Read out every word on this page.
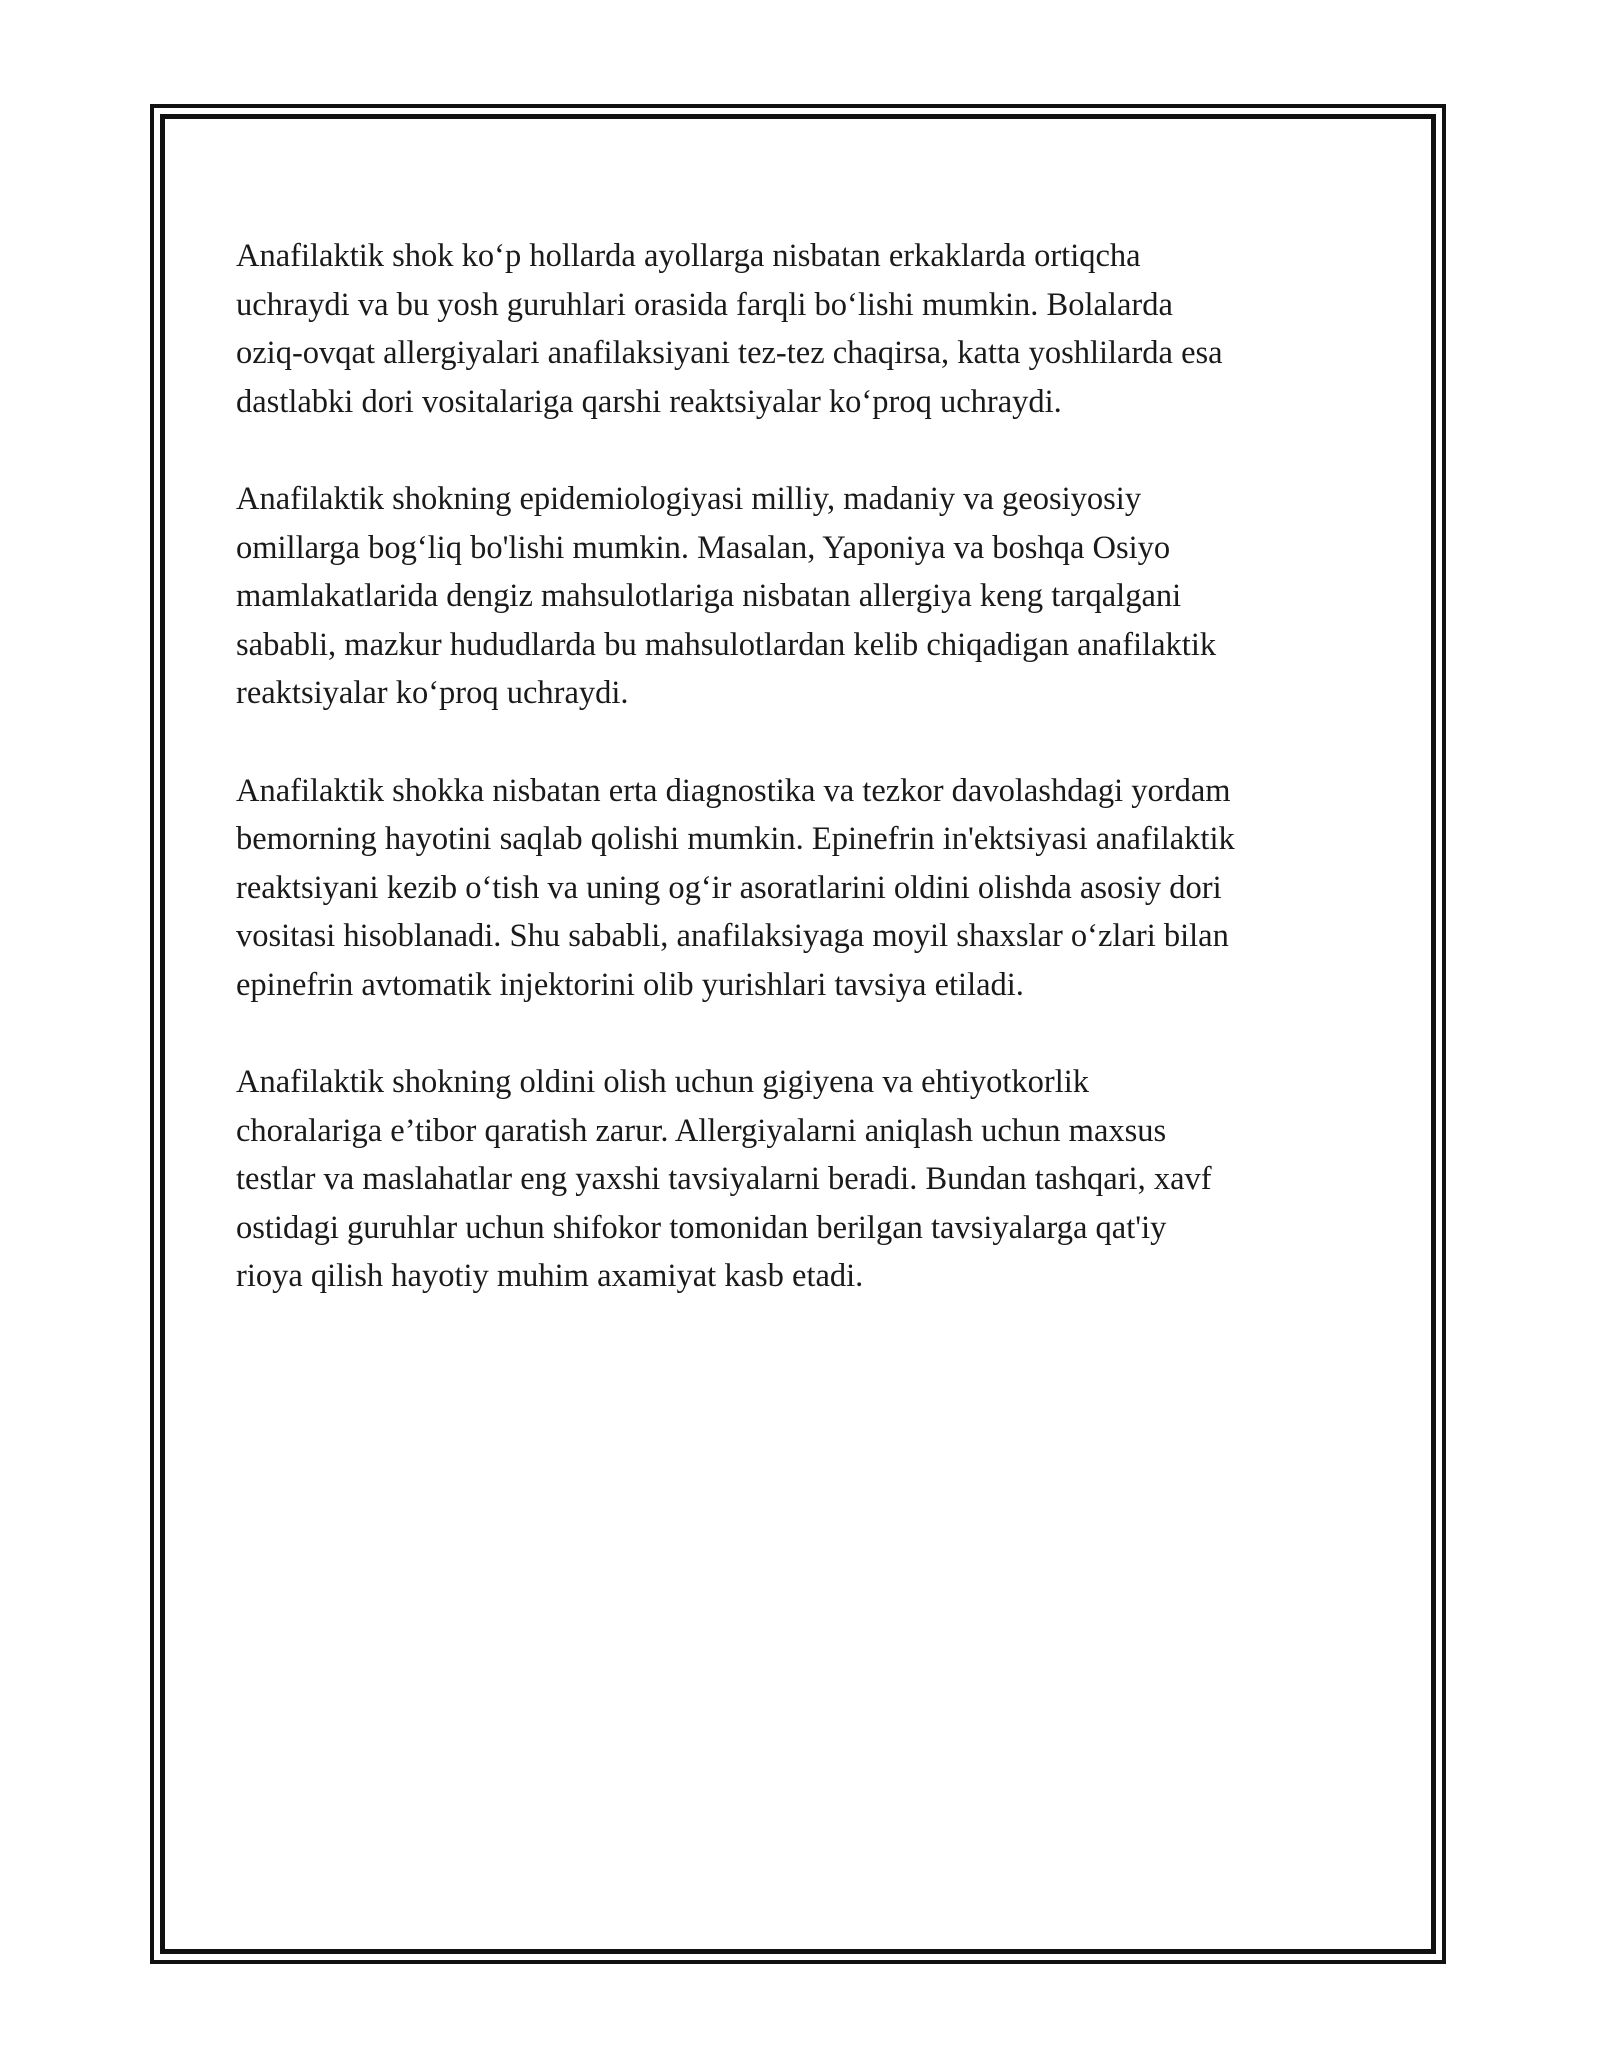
Anafilaktik shok ko‘p hollarda ayollarga nisbatan erkaklarda ortiqcha
uchraydi va bu yosh guruhlari orasida farqli bo‘lishi mumkin. Bolalarda
oziq-ovqat allergiyalari anafilaksiyani tez-tez chaqirsa, katta yoshlilarda esa
dastlabki dori vositalariga qarshi reaktsiyalar ko‘proq uchraydi.

Anafilaktik shokning epidemiologiyasi milliy, madaniy va geosiyosiy
omillarga bog‘liq bo'lishi mumkin. Masalan, Yaponiya va boshqa Osiyo
mamlakatlarida dengiz mahsulotlariga nisbatan allergiya keng tarqalgani
sababli, mazkur hududlarda bu mahsulotlardan kelib chiqadigan anafilaktik
reaktsiyalar ko‘proq uchraydi.

Anafilaktik shokka nisbatan erta diagnostika va tezkor davolashdagi yordam
bemorning hayotini saqlab qolishi mumkin. Epinefrin in'ektsiyasi anafilaktik
reaktsiyani kezib o‘tish va uning og‘ir asoratlarini oldini olishda asosiy dori
vositasi hisoblanadi. Shu sababli, anafilaksiyaga moyil shaxslar o‘zlari bilan
epinefrin avtomatik injektorini olib yurishlari tavsiya etiladi.

Anafilaktik shokning oldini olish uchun gigiyena va ehtiyotkorlik
choralariga e’tibor qaratish zarur. Allergiyalarni aniqlash uchun maxsus
testlar va maslahatlar eng yaxshi tavsiyalarni beradi. Bundan tashqari, xavf
ostidagi guruhlar uchun shifokor tomonidan berilgan tavsiyalarga qat'iy
rioya qilish hayotiy muhim axamiyat kasb etadi.
